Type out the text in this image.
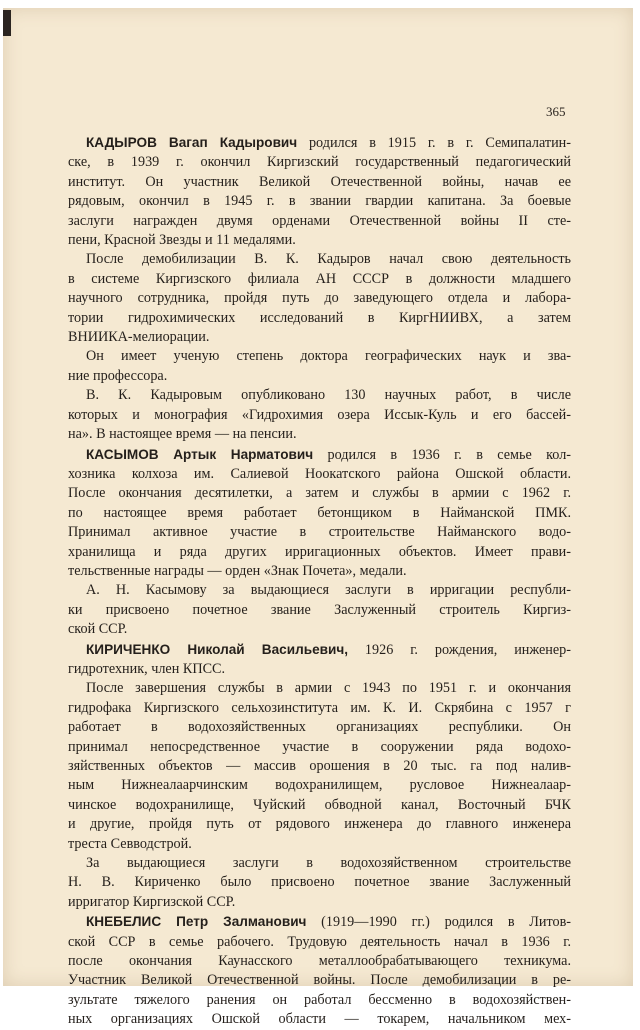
365
КАДЫРОВ Вагап Кадырович родился в 1915 г. в г. Семипалатин-
ске, в 1939 г. окончил Киргизский государственный педагогический
институт. Он участник Великой Отечественной войны, начав ее
рядовым, окончил в 1945 г. в звании гвардии капитана. За боевые
заслуги награжден двумя орденами Отечественной войны II сте-
пени, Красной Звезды и 11 медалями.
После демобилизации В. К. Кадыров начал свою деятельность
в системе Киргизского филиала АН СССР в должности младшего
научного сотрудника, пройдя путь до заведующего отдела и лабора-
тории гидрохимических исследований в КиргНИИВХ, а затем
ВНИИКА-мелиорации.
Он имеет ученую степень доктора географических наук и зва-
ние профессора.
В. К. Кадыровым опубликовано 130 научных работ, в числе
которых и монография «Гидрохимия озера Иссык-Куль и его бассей-
на». В настоящее время — на пенсии.
КАСЫМОВ Артык Нарматович родился в 1936 г. в семье кол-
хозника колхоза им. Салиевой Ноокатского района Ошской области.
После окончания десятилетки, а затем и службы в армии с 1962 г.
по настоящее время работает бетонщиком в Найманской ПМК.
Принимал активное участие в строительстве Найманского водо-
хранилища и ряда других ирригационных объектов. Имеет прави-
тельственные награды — орден «Знак Почета», медали.
А. Н. Касымову за выдающиеся заслуги в ирригации республи-
ки присвоено почетное звание Заслуженный строитель Киргиз-
ской ССР.
КИРИЧЕНКО Николай Васильевич, 1926 г. рождения, инженер-
гидротехник, член КПСС.
После завершения службы в армии с 1943 по 1951 г. и окончания
гидрофака Киргизского сельхозинститута им. К. И. Скрябина с 1957 г
работает в водохозяйственных организациях республики. Он
принимал непосредственное участие в сооружении ряда водохо-
зяйственных объектов — массив орошения в 20 тыс. га под налив-
ным Нижнеалаарчинским водохранилищем, русловое Нижнеалаар-
чинское водохранилище, Чуйский обводной канал, Восточный БЧК
и другие, пройдя путь от рядового инженера до главного инженера
треста Севводстрой.
За выдающиеся заслуги в водохозяйственном строительстве
Н. В. Кириченко было присвоено почетное звание Заслуженный
ирригатор Киргизской ССР.
КНЕБЕЛИС Петр Залманович (1919—1990 гг.) родился в Литов-
ской ССР в семье рабочего. Трудовую деятельность начал в 1936 г.
после окончания Каунасского металлообрабатывающего техникума.
Участник Великой Отечественной войны. После демобилизации в ре-
зультате тяжелого ранения он работал бессменно в водохозяйствен-
ных организациях Ошской области — токарем, начальником мех-
